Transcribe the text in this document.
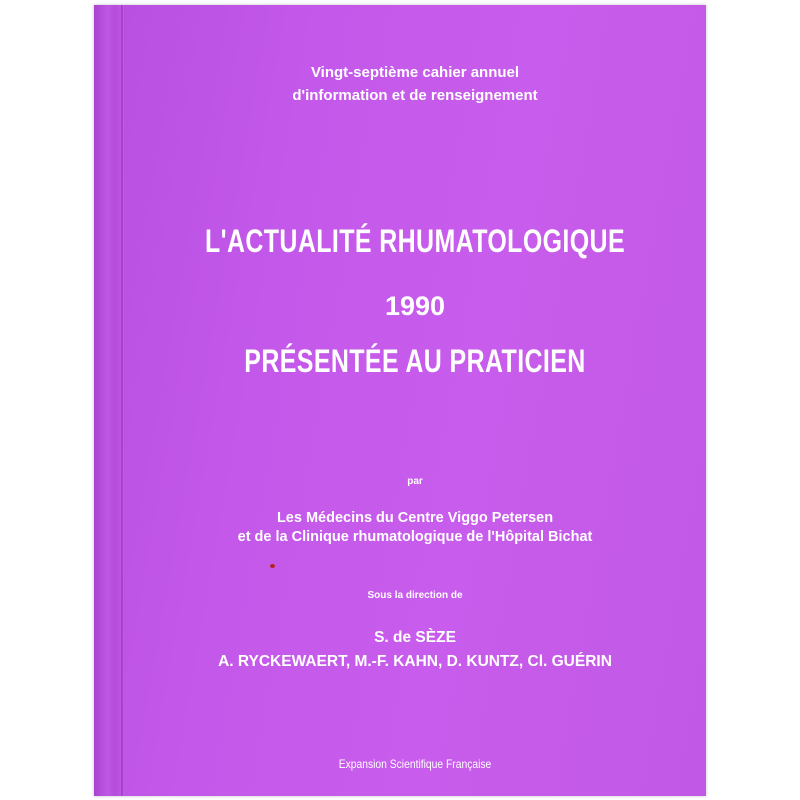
Vingt-septième cahier annuel
d'information et de renseignement
L'ACTUALITÉ RHUMATOLOGIQUE
1990
PRÉSENTÉE AU PRATICIEN
par
Les Médecins du Centre Viggo Petersen
et de la Clinique rhumatologique de l'Hôpital Bichat
Sous la direction de
S. de SÈZE
A. RYCKEWAERT, M.-F. KAHN, D. KUNTZ, Cl. GUÉRIN
Expansion Scientifique Française
